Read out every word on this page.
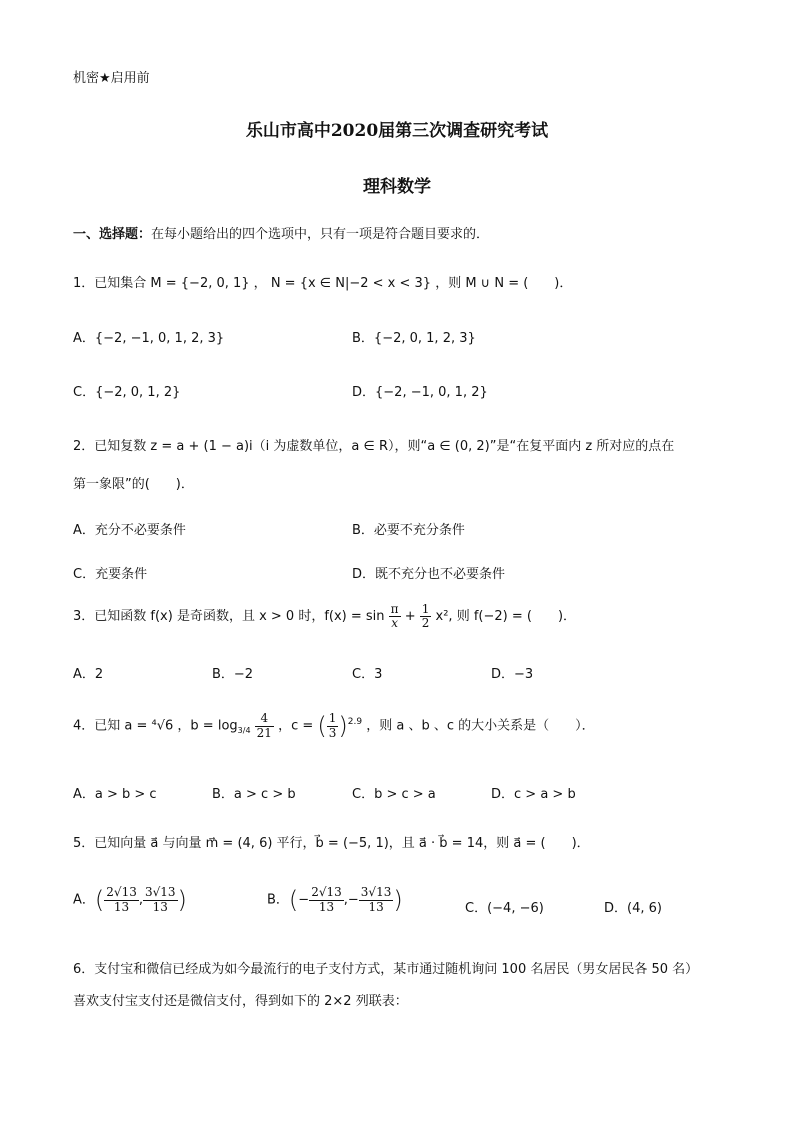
机密★启用前
乐山市高中2020届第三次调查研究考试
理科数学
一、选择题：在每小题给出的四个选项中，只有一项是符合题目要求的．
1．已知集合 M = {−2, 0, 1} ， N = {x ∈ N|−2 < x < 3} ，则 M ∪ N = (　　)．
A．{−2, −1, 0, 1, 2, 3}	B．{−2, 0, 1, 2, 3}
C．{−2, 0, 1, 2}	D．{−2, −1, 0, 1, 2}
2．已知复数 z = a + (1 − a)i（i 为虚数单位，a ∈ R），则“a ∈ (0, 2)”是“在复平面内 z 所对应的点在
第一象限”的(　　)．
A．充分不必要条件	B．必要不充分条件
C．充要条件	D．既不充分也不必要条件
3．已知函数 f(x) 是奇函数，且 x > 0 时，$f(x) = \sin \frac{\pi}{x} + \frac{1}{2} x^2$, 则 f(−2) = (　　)．
A．2	B．−2	C．3	D．−3
4．已知 a = ⁴√6 ，$b = \log_{3/4} \frac{4}{21}$ ，c = ( $\frac{1}{3} )^{2.9}$ ，则 a 、b 、c 的大小关系是（　　）．
A．a > b > c	B．a > c > b	C．b > c > a	D．c > a > b
5．已知向量 a⃗ 与向量 m⃗ = (4, 6) 平行，b⃗ = (−5, 1)，且 a⃗ · b⃗ = 14，则 a⃗ = (　　)．
A．( $\frac{2√13}{13}$ , $\frac{3√13}{13}$ )	B．(− $\frac{2√13}{13}$ ,− $\frac{3√13}{13}$ )	C．(−4, −6)	D．(4, 6)
6．支付宝和微信已经成为如今最流行的电子支付方式，某市通过随机询问 100 名居民（男女居民各 50 名）
喜欢支付宝支付还是微信支付，得到如下的 2×2 列联表：
